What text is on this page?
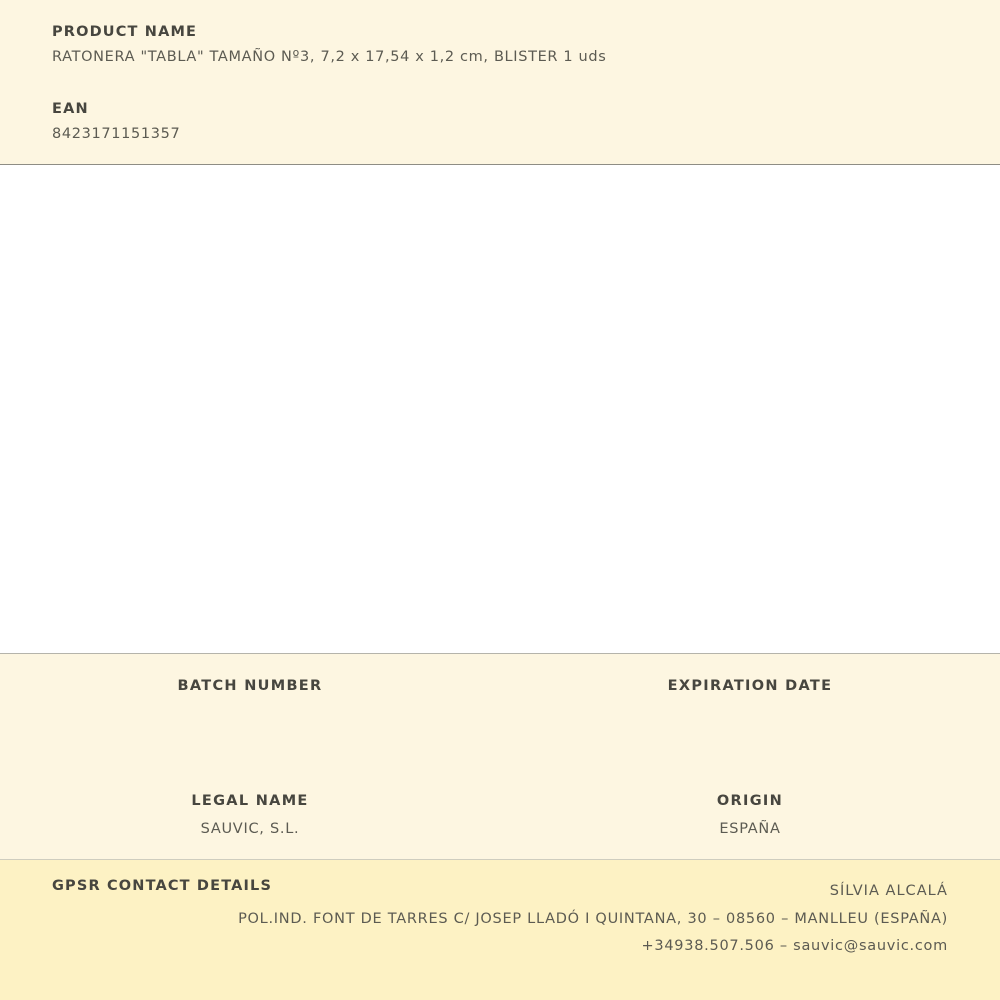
PRODUCT NAME

RATONERA "TABLA" TAMAÑO Nº3, 7,2 x 17,54 x 1,2 cm, BLISTER 1 uds

EAN

8423171151357

BATCH NUMBER	EXPIRATION DATE

LEGAL NAME

SAUVIC, S.L.

ORIGIN

ESPAÑA

GPSR CONTACT DETAILS	SÍLVIA ALCALÁ

POL.IND. FONT DE TARRES C/ JOSEP LLADÓ I QUINTANA, 30 – 08560 – MANLLEU (ESPAÑA)

+34938.507.506 – sauvic@sauvic.com
